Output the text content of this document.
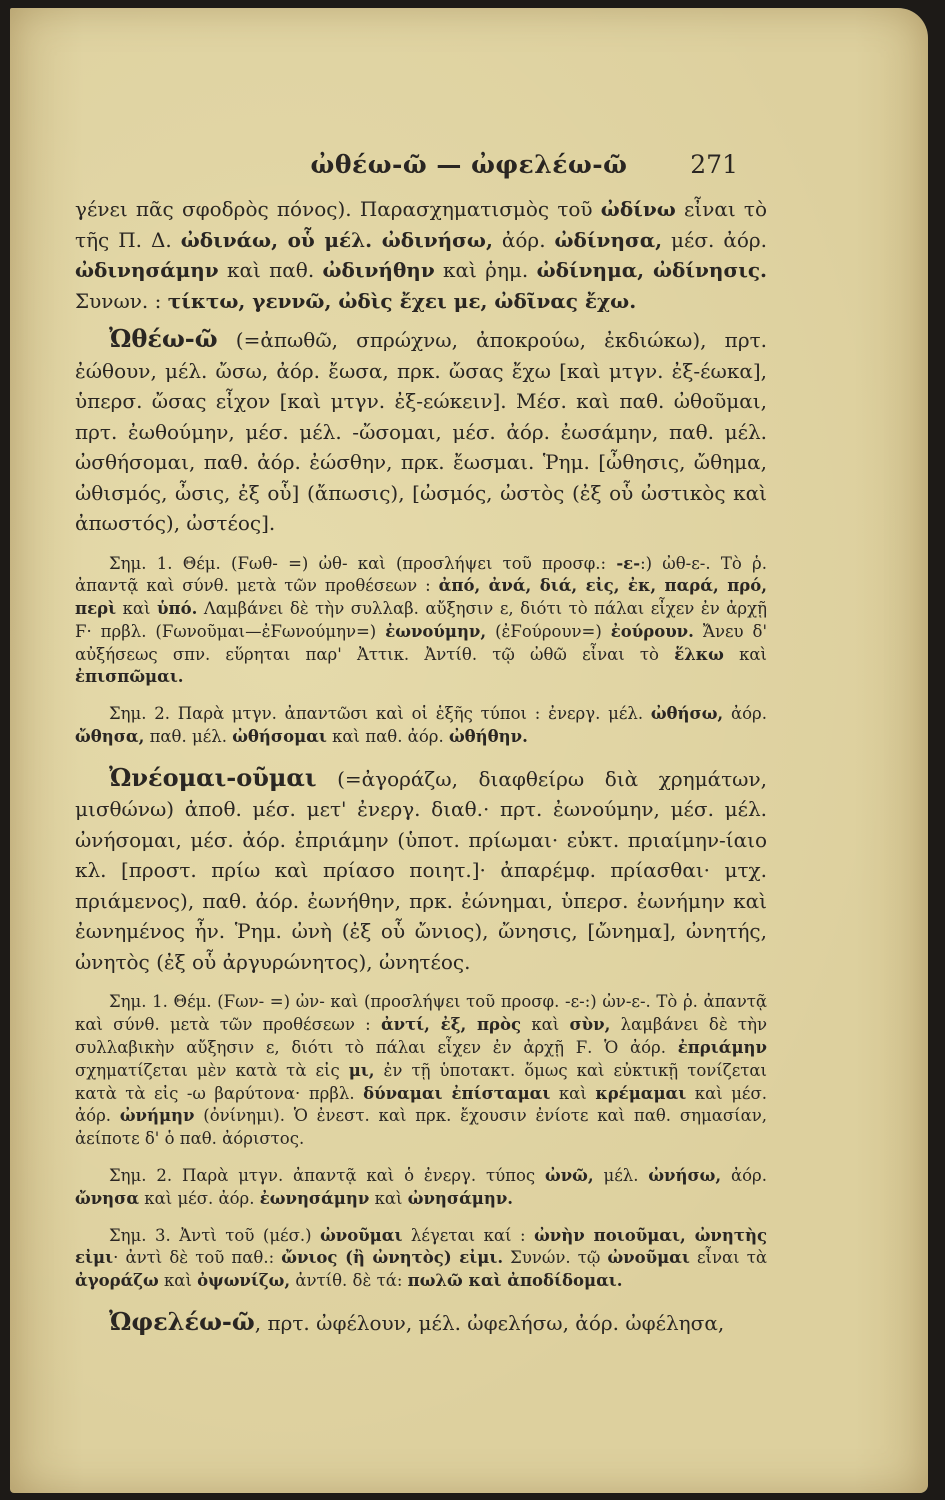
ὠθέω-ῶ — ὠφελέω-ῶ	271

γένει πᾶς σφοδρὸς πόνος). Παρασχηματισμὸς τοῦ ὠδίνω εἶναι τὸ τῆς Π. Δ. ὠδινάω, οὗ μέλ. ὠδινήσω, ἀόρ. ὠδίνησα, μέσ. ἀόρ. ὠδινησάμην καὶ παθ. ὠδινήθην καὶ ῥημ. ὠδίνημα, ὠδίνησις. Συνων. : τίκτω, γεννῶ, ὠδὶς ἔχει με, ὠδῖνας ἔχω.

Ὠθέω-ῶ (=ἀπωθῶ, σπρώχνω, ἀποκρούω, ἐκδιώκω), πρτ. ἐώθουν, μέλ. ὤσω, ἀόρ. ἔωσα, πρκ. ὤσας ἔχω [καὶ μτγν. ἐξ-έωκα], ὑπερσ. ὤσας εἶχον [καὶ μτγν. ἐξ-εώκειν]. Μέσ. καὶ παθ. ὠθοῦμαι, πρτ. ἐωθούμην, μέσ. μέλ. -ὤσομαι, μέσ. ἀόρ. ἐωσάμην, παθ. μέλ. ὠσθήσομαι, παθ. ἀόρ. ἐώσθην, πρκ. ἔωσμαι. Ῥημ. [ὦθησις, ὤθημα, ὠθισμός, ὦσις, ἐξ οὗ] (ἄπωσις), [ὠσμός, ὠστὸς (ἐξ οὗ ὠστικὸς καὶ ἀπωστός), ὠστέος].

Σημ. 1. Θέμ. (Ϝωθ- =) ὠθ- καὶ (προσλήψει τοῦ προσφ.: -ε-:) ὠθ-ε-. Τὸ ῥ. ἀπαντᾷ καὶ σύνθ. μετὰ τῶν προθέσεων : ἀπό, ἀνά, διά, εἰς, ἐκ, παρά, πρό, περὶ καὶ ὑπό. Λαμβάνει δὲ τὴν συλλαβ. αὔξησιν ε, διότι τὸ πάλαι εἶχεν ἐν ἀρχῇ Ϝ· πρβλ. (Ϝωνοῦμαι—ἐϜωνούμην=) ἐωνούμην, (ἐϜούρουν=) ἐούρουν. Ἄνευ δ' αὐξήσεως σπν. εὕρηται παρ' Ἀττικ. Ἀντίθ. τῷ ὠθῶ εἶναι τὸ ἕλκω καὶ ἐπισπῶμαι.

Σημ. 2. Παρὰ μτγν. ἀπαντῶσι καὶ οἱ ἑξῆς τύποι : ἐνεργ. μέλ. ὠθήσω, ἀόρ. ὤθησα, παθ. μέλ. ὠθήσομαι καὶ παθ. ἀόρ. ὠθήθην.

Ὠνέομαι-οῦμαι (=ἀγοράζω, διαφθείρω διὰ χρημάτων, μισθώνω) ἀποθ. μέσ. μετ' ἐνεργ. διαθ.· πρτ. ἐωνούμην, μέσ. μέλ. ὠνήσομαι, μέσ. ἀόρ. ἐπριάμην (ὑποτ. πρίωμαι· εὐκτ. πριαίμην-ίαιο κλ. [προστ. πρίω καὶ πρίασο ποιητ.]· ἀπαρέμφ. πρίασθαι· μτχ. πριάμενος), παθ. ἀόρ. ἐωνήθην, πρκ. ἐώνημαι, ὑπερσ. ἐωνήμην καὶ ἐωνημένος ἦν. Ῥημ. ὠνὴ (ἐξ οὗ ὤνιος), ὤνησις, [ὤνημα], ὠνητής, ὠνητὸς (ἐξ οὗ ἀργυρώνητος), ὠνητέος.

Σημ. 1. Θέμ. (Ϝων- =) ὠν- καὶ (προσλήψει τοῦ προσφ. -ε-:) ὠν-ε-. Τὸ ῥ. ἀπαντᾷ καὶ σύνθ. μετὰ τῶν προθέσεων : ἀντί, ἐξ, πρὸς καὶ σὺν, λαμβάνει δὲ τὴν συλλαβικὴν αὔξησιν ε, διότι τὸ πάλαι εἶχεν ἐν ἀρχῇ Ϝ. Ὁ ἀόρ. ἐπριάμην σχηματίζεται μὲν κατὰ τὰ εἰς μι, ἐν τῇ ὑποτακτ. ὅμως καὶ εὐκτικῇ τονίζεται κατὰ τὰ εἰς -ω βαρύτονα· πρβλ. δύναμαι ἐπίσταμαι καὶ κρέμαμαι καὶ μέσ. ἀόρ. ὠνήμην (ὀνίνημι). Ὁ ἐνεστ. καὶ πρκ. ἔχουσιν ἐνίοτε καὶ παθ. σημασίαν, ἀείποτε δ' ὁ παθ. ἀόριστος.

Σημ. 2. Παρὰ μτγν. ἀπαντᾷ καὶ ὁ ἐνεργ. τύπος ὠνῶ, μέλ. ὠνήσω, ἀόρ. ὤνησα καὶ μέσ. ἀόρ. ἐωνησάμην καὶ ὠνησάμην.

Σημ. 3. Ἀντὶ τοῦ (μέσ.) ὠνοῦμαι λέγεται καί : ὠνὴν ποιοῦμαι, ὠνητὴς εἰμι· ἀντὶ δὲ τοῦ παθ.: ὤνιος (ἢ ὠνητὸς) εἰμι. Συνών. τῷ ὠνοῦμαι εἶναι τὰ ἀγοράζω καὶ ὀψωνίζω, ἀντίθ. δὲ τά: πωλῶ καὶ ἀποδίδομαι.

Ὠφελέω-ῶ, πρτ. ὠφέλουν, μέλ. ὠφελήσω, ἀόρ. ὠφέλησα,
